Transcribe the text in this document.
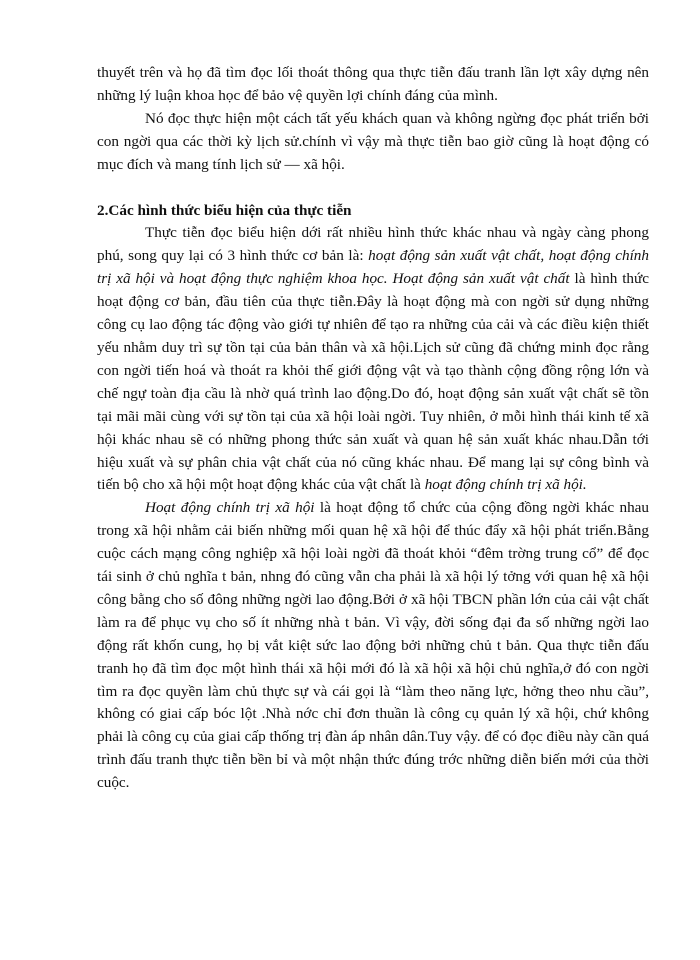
thuyết trên và họ đã tìm đọc lối thoát thông qua thực tiễn đấu tranh lần lợt xây dựng nên những lý luận khoa học để bảo vệ quyền lợi chính đáng của mình.

Nó đọc thực hiện một cách tất yếu khách quan và không ngừng đọc phát triển bởi con ngời qua các thời kỳ lịch sử.chính vì vậy mà thực tiễn bao giờ cũng là hoạt động có mục đích và mang tính lịch sử — xã hội.

2.Các hình thức biểu hiện của thực tiễn

Thực tiễn đọc biểu hiện dới rất nhiều hình thức khác nhau và ngày càng phong phú, song quy lại có 3 hình thức cơ bản là: hoạt động sản xuất vật chất, hoạt động chính trị xã hội và hoạt động thực nghiệm khoa học. Hoạt động sản xuất vật chất là hình thức hoạt động cơ bản, đầu tiên của thực tiễn.Đây là hoạt động mà con ngời sử dụng những công cụ lao động tác động vào giới tự nhiên để tạo ra những của cải và các điều kiện thiết yếu nhằm duy trì sự tồn tại của bản thân và xã hội.Lịch sử cũng đã chứng minh đọc rằng con ngời tiến hoá và thoát ra khỏi thế giới động vật và tạo thành cộng đồng rộng lớn và chế ngự toàn địa cầu là nhờ quá trình lao động.Do đó, hoạt động sản xuất vật chất sẽ tồn tại mãi mãi cùng với sự tồn tại của xã hội loài ngời. Tuy nhiên, ở mỗi hình thái kinh tế xã hội khác nhau sẽ có những phong thức sản xuất và quan hệ sản xuất khác nhau.Dẫn tới hiệu xuất và sự phân chia vật chất của nó cũng khác nhau. Để mang lại sự công bình và tiến bộ cho xã hội một hoạt động khác của vật chất là hoạt động chính trị xã hội.

Hoạt động chính trị xã hội là hoạt động tổ chức của cộng đồng ngời khác nhau trong xã hội nhằm cải biến những mối quan hệ xã hội để thúc đẩy xã hội phát triển.Bằng cuộc cách mạng công nghiệp xã hội loài ngời đã thoát khỏi “đêm trờng trung cổ” để đọc tái sinh ở chủ nghĩa t bản, nhng đó cũng vẫn cha phải là xã hội lý tởng với quan hệ xã hội công bằng cho số đông những ngời lao động.Bởi ở xã hội TBCN phần lớn của cải vật chất làm ra để phục vụ cho số ít những nhà t bản. Vì vậy, đời sống đại đa số những ngời lao động rất khốn cung, họ bị vắt kiệt sức lao động bởi những chủ t bản. Qua thực tiễn đấu tranh họ đã tìm đọc một hình thái xã hội mới đó là xã hội xã hội chủ nghĩa,ở đó con ngời tìm ra đọc quyền làm chủ thực sự và cái gọi là “làm theo năng lực, hởng theo nhu cầu”, không có giai cấp bóc lột .Nhà nớc chỉ đơn thuần là công cụ quản lý xã hội, chứ không phải là công cụ của giai cấp thống trị đàn áp nhân dân.Tuy vậy. để có đọc điều này cần quá trình đấu tranh thực tiễn bền bỉ và một nhận thức đúng trớc những diễn biến mới của thời cuộc.
